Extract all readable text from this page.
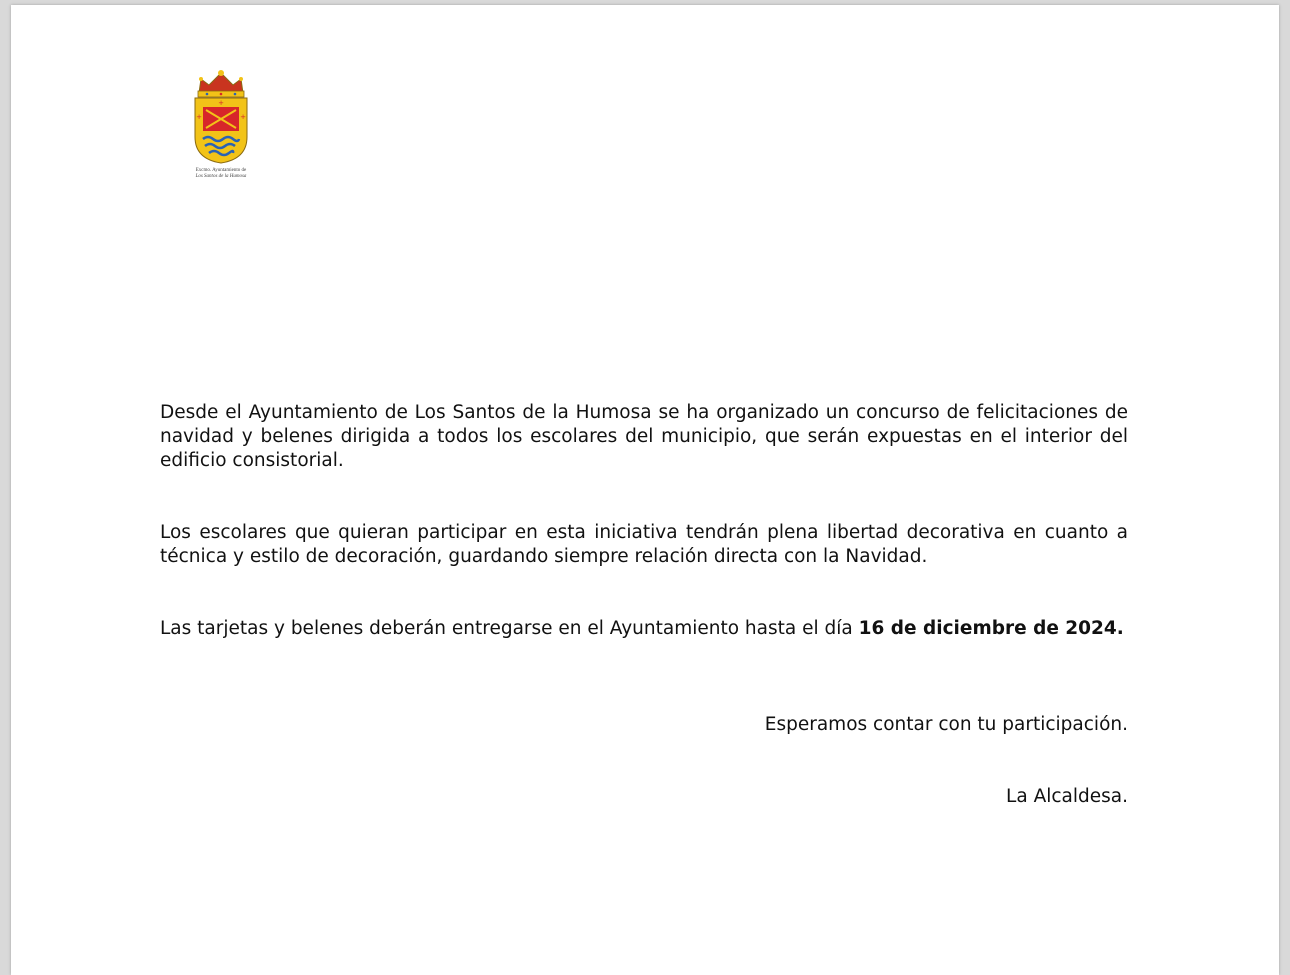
+
+	+
Excmo. Ayuntamiento de
Los Santos de la Humosa

Desde el Ayuntamiento de Los Santos de la Humosa se ha organizado un concurso de felicitaciones de navidad y belenes dirigida a todos los escolares del municipio, que serán expuestas en el interior del edificio consistorial.

Los escolares que quieran participar en esta iniciativa tendrán plena libertad decorativa en cuanto a técnica y estilo de decoración, guardando siempre relación directa con la Navidad.

Las tarjetas y belenes deberán entregarse en el Ayuntamiento hasta el día 16 de diciembre de 2024.

Esperamos contar con tu participación.
La Alcaldesa.
